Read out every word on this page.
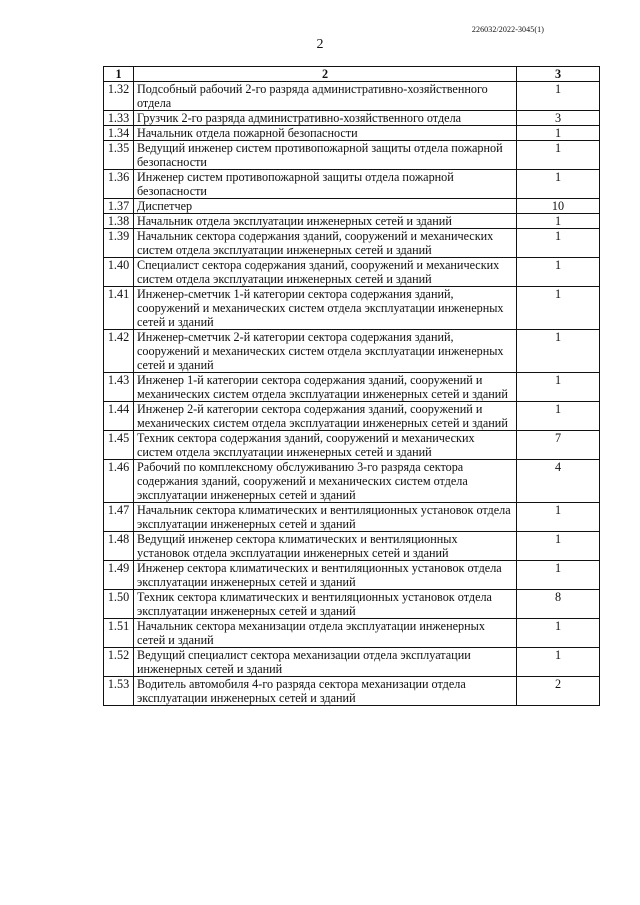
226032/2022-3045(1)
2
1	2	3
1.32	Подсобный рабочий 2-го разряда административно-хозяйственного отдела	1
1.33	Грузчик 2-го разряда административно-хозяйственного отдела	3
1.34	Начальник отдела пожарной безопасности	1
1.35	Ведущий инженер систем противопожарной защиты отдела пожарной безопасности	1
1.36	Инженер систем противопожарной защиты отдела пожарной безопасности	1
1.37	Диспетчер	10
1.38	Начальник отдела эксплуатации инженерных сетей и зданий	1
1.39	Начальник сектора содержания зданий, сооружений и механических систем отдела эксплуатации инженерных сетей и зданий	1
1.40	Специалист сектора содержания зданий, сооружений и механических систем отдела эксплуатации инженерных сетей и зданий	1
1.41	Инженер-сметчик 1-й категории сектора содержания зданий, сооружений и механических систем отдела эксплуатации инженерных сетей и зданий	1
1.42	Инженер-сметчик 2-й категории сектора содержания зданий, сооружений и механических систем отдела эксплуатации инженерных сетей и зданий	1
1.43	Инженер 1-й категории сектора содержания зданий, сооружений и механических систем отдела эксплуатации инженерных сетей и зданий	1
1.44	Инженер 2-й категории сектора содержания зданий, сооружений и механических систем отдела эксплуатации инженерных сетей и зданий	1
1.45	Техник сектора содержания зданий, сооружений и механических систем отдела эксплуатации инженерных сетей и зданий	7
1.46	Рабочий по комплексному обслуживанию 3-го разряда сектора содержания зданий, сооружений и механических систем отдела эксплуатации инженерных сетей и зданий	4
1.47	Начальник сектора климатических и вентиляционных установок отдела эксплуатации инженерных сетей и зданий	1
1.48	Ведущий инженер сектора климатических и вентиляционных установок отдела эксплуатации инженерных сетей и зданий	1
1.49	Инженер сектора климатических и вентиляционных установок отдела эксплуатации инженерных сетей и зданий	1
1.50	Техник сектора климатических и вентиляционных установок отдела эксплуатации инженерных сетей и зданий	8
1.51	Начальник сектора механизации отдела эксплуатации инженерных сетей и зданий	1
1.52	Ведущий специалист сектора механизации отдела эксплуатации инженерных сетей и зданий	1
1.53	Водитель автомобиля 4-го разряда сектора механизации отдела эксплуатации инженерных сетей и зданий	2
